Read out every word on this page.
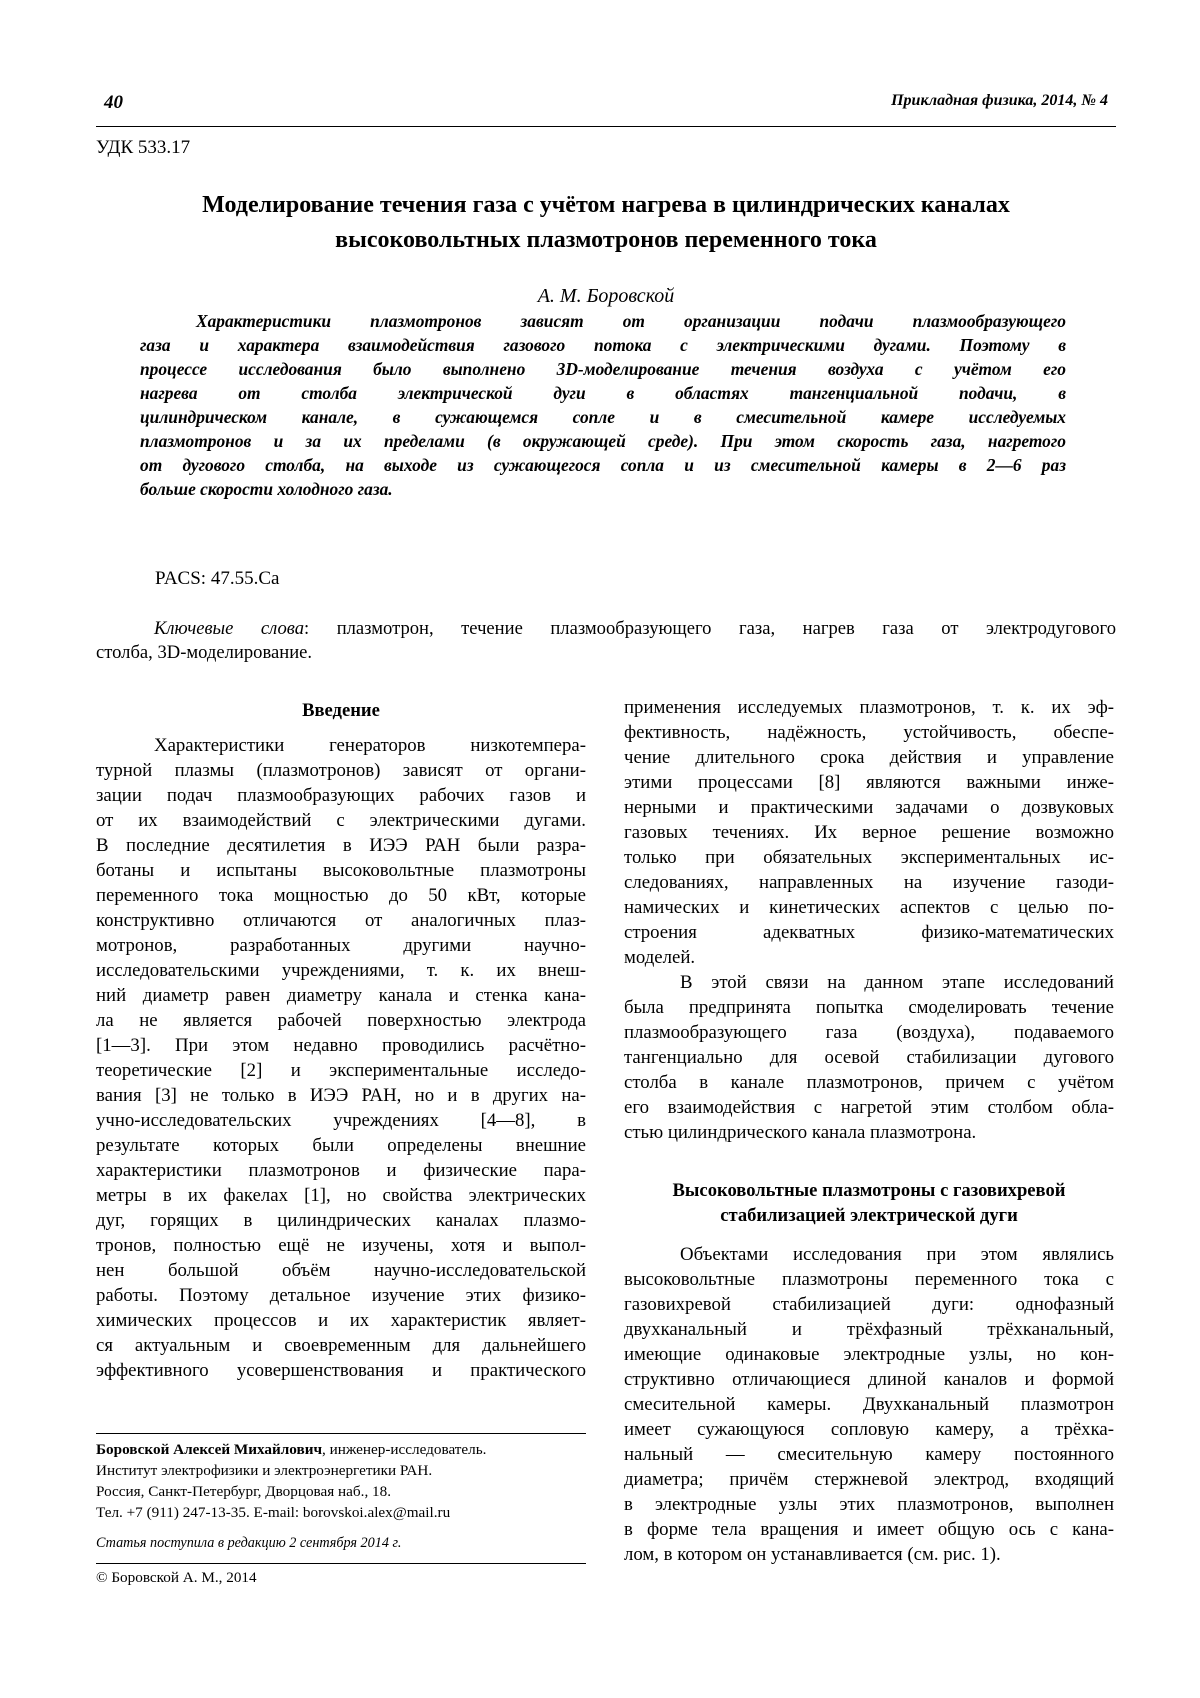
40	Прикладная физика, 2014, № 4
УДК 533.17
Моделирование течения газа с учётом нагрева в цилиндрических каналах
высоковольтных плазмотронов переменного тока
А. М. Боровской
Характеристики плазмотронов зависят от организации подачи плазмообразующего
газа и характера взаимодействия газового потока с электрическими дугами. Поэтому в
процессе исследования было выполнено 3D-моделирование течения воздуха с учётом его
нагрева от столба электрической дуги в областях тангенциальной подачи, в
цилиндрическом канале, в сужающемся сопле и в смесительной камере исследуемых
плазмотронов и за их пределами (в окружающей среде). При этом скорость газа, нагретого
от дугового столба, на выходе из сужающегося сопла и из смесительной камеры в 2—6 раз
больше скорости холодного газа.
PACS: 47.55.Ca
Ключевые слова: плазмотрон, течение плазмообразующего газа, нагрев газа от электродугового
столба, 3D-моделирование.
Введение
Характеристики генераторов низкотемпера-
турной плазмы (плазмотронов) зависят от органи-
зации подач плазмообразующих рабочих газов и
от их взаимодействий с электрическими дугами.
В последние десятилетия в ИЭЭ РАН были разра-
ботаны и испытаны высоковольтные плазмотроны
переменного тока мощностью до 50 кВт, которые
конструктивно отличаются от аналогичных плаз-
мотронов, разработанных другими научно-
исследовательскими учреждениями, т. к. их внеш-
ний диаметр равен диаметру канала и стенка кана-
ла не является рабочей поверхностью электрода
[1—3]. При этом недавно проводились расчётно-
теоретические [2] и экспериментальные исследо-
вания [3] не только в ИЭЭ РАН, но и в других на-
учно-исследовательских учреждениях [4—8], в
результате которых были определены внешние
характеристики плазмотронов и физические пара-
метры в их факелах [1], но свойства электрических
дуг, горящих в цилиндрических каналах плазмо-
тронов, полностью ещё не изучены, хотя и выпол-
нен большой объём научно-исследовательской
работы. Поэтому детальное изучение этих физико-
химических процессов и их характеристик являет-
ся актуальным и своевременным для дальнейшего
эффективного усовершенствования и практического
Боровской Алексей Михайлович, инженер-исследователь.
Институт электрофизики и электроэнергетики РАН.
Россия, Санкт-Петербург, Дворцовая наб., 18.
Тел. +7 (911) 247-13-35. E-mail: borovskoi.alex@mail.ru
Статья поступила в редакцию 2 сентября 2014 г.
© Боровской А. М., 2014
применения исследуемых плазмотронов, т. к. их эф-
фективность, надёжность, устойчивость, обеспе-
чение длительного срока действия и управление
этими процессами [8] являются важными инже-
нерными и практическими задачами о дозвуковых
газовых течениях. Их верное решение возможно
только при обязательных экспериментальных ис-
следованиях, направленных на изучение газоди-
намических и кинетических аспектов с целью по-
строения адекватных физико-математических
моделей.
В этой связи на данном этапе исследований
была предпринята попытка смоделировать течение
плазмообразующего газа (воздуха), подаваемого
тангенциально для осевой стабилизации дугового
столба в канале плазмотронов, причем с учётом
его взаимодействия с нагретой этим столбом обла-
стью цилиндрического канала плазмотрона.
Высоковольтные плазмотроны с газовихревой
стабилизацией электрической дуги
Объектами исследования при этом являлись
высоковольтные плазмотроны переменного тока с
газовихревой стабилизацией дуги: однофазный
двухканальный и трёхфазный трёхканальный,
имеющие одинаковые электродные узлы, но кон-
структивно отличающиеся длиной каналов и формой
смесительной камеры. Двухканальный плазмотрон
имеет сужающуюся сопловую камеру, а трёхка-
нальный — смесительную камеру постоянного
диаметра; причём стержневой электрод, входящий
в электродные узлы этих плазмотронов, выполнен
в форме тела вращения и имеет общую ось с кана-
лом, в котором он устанавливается (см. рис. 1).
